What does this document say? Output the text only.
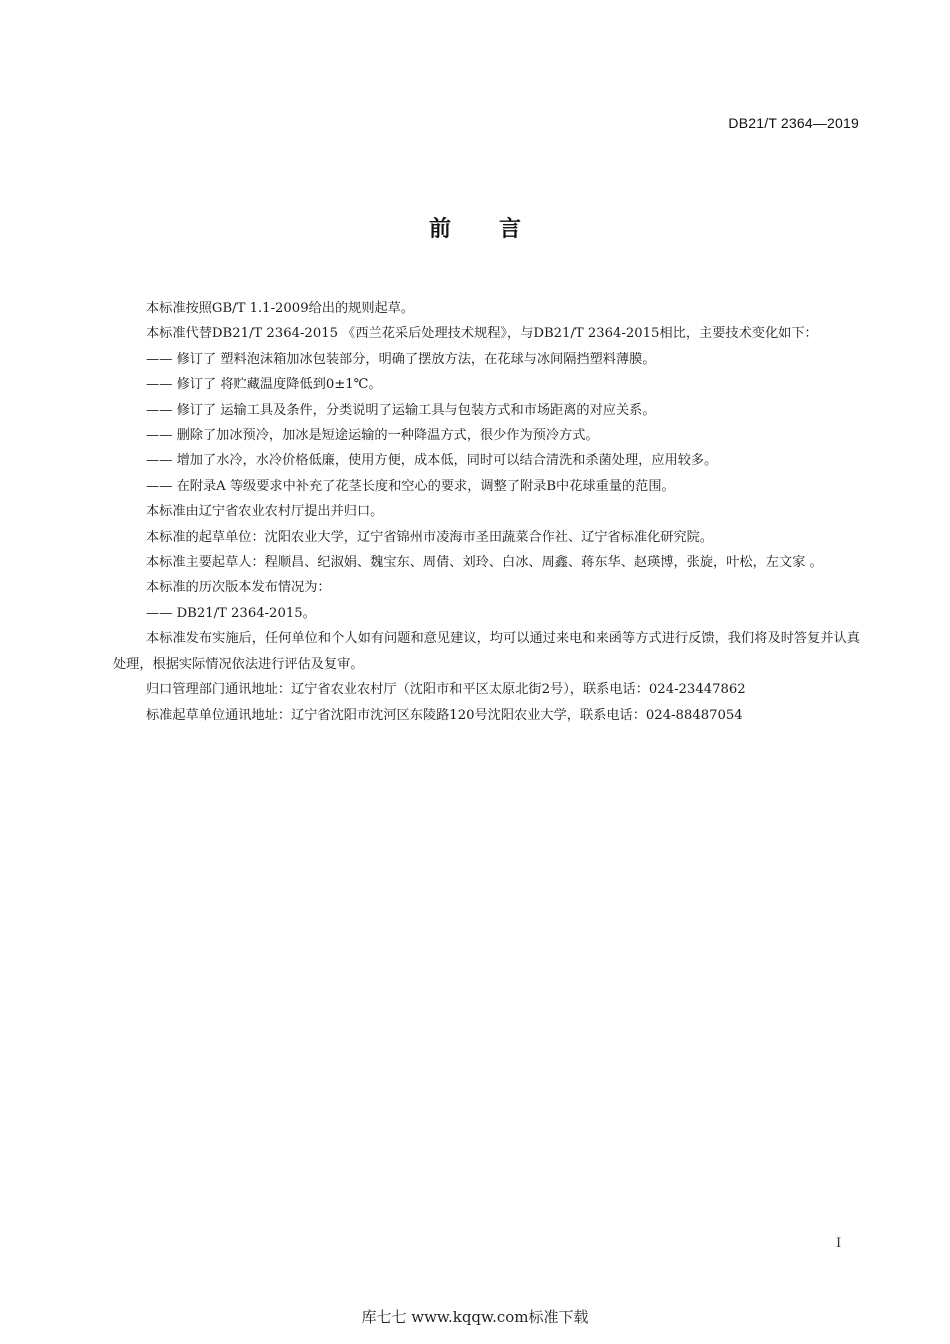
DB21/T 2364—2019
前言

本标准按照GB/T 1.1-2009给出的规则起草。

本标准代替DB21/T 2364-2015 《西兰花采后处理技术规程》，与DB21/T 2364-2015相比，主要技术变化如下：

—— 修订了 塑料泡沫箱加冰包装部分，明确了摆放方法，在花球与冰间隔挡塑料薄膜。

—— 修订了 将贮藏温度降低到0±1℃。

—— 修订了 运输工具及条件，分类说明了运输工具与包装方式和市场距离的对应关系。

—— 删除了加冰预冷，加冰是短途运输的一种降温方式，很少作为预冷方式。

—— 增加了水冷，水冷价格低廉，使用方便，成本低，同时可以结合清洗和杀菌处理，应用较多。

—— 在附录A 等级要求中补充了花茎长度和空心的要求，调整了附录B中花球重量的范围。

本标准由辽宁省农业农村厅提出并归口。

本标准的起草单位：沈阳农业大学，辽宁省锦州市凌海市圣田蔬菜合作社、辽宁省标准化研究院。

本标准主要起草人：程顺昌、纪淑娟、魏宝东、周倩、刘玲、白冰、周鑫、蒋东华、赵瑛博，张旋，叶松，左文家 。

本标准的历次版本发布情况为：

—— DB21/T 2364-2015。

本标准发布实施后，任何单位和个人如有问题和意见建议，均可以通过来电和来函等方式进行反馈，我们将及时答复并认真处理，根据实际情况依法进行评估及复审。

归口管理部门通讯地址：辽宁省农业农村厅（沈阳市和平区太原北街2号），联系电话：024-23447862

标准起草单位通讯地址：辽宁省沈阳市沈河区东陵路120号沈阳农业大学，联系电话：024-88487054

I
库七七 www.kqqw.com标准下载
